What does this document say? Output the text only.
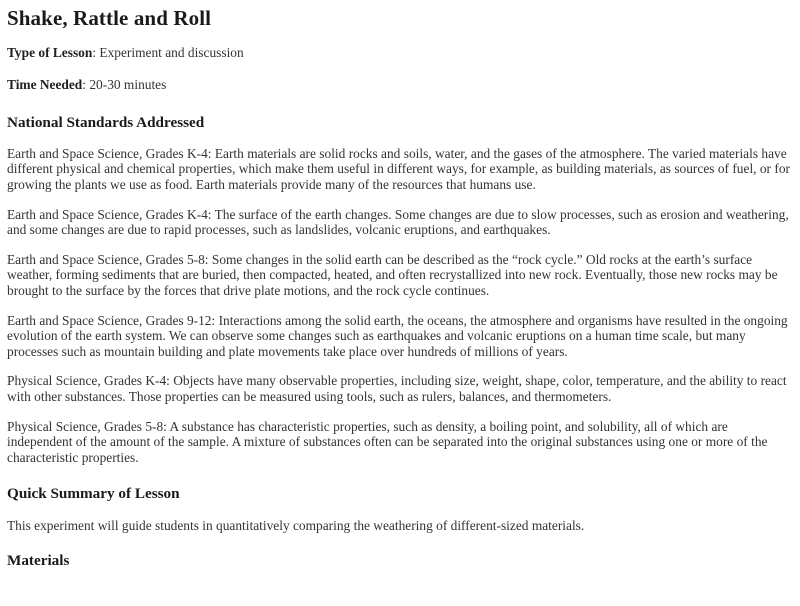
Shake, Rattle and Roll

Type of Lesson: Experiment and discussion

Time Needed: 20-30 minutes

National Standards Addressed

Earth and Space Science, Grades K-4: Earth materials are solid rocks and soils, water, and the gases of the atmosphere. The varied materials have different physical and chemical properties, which make them useful in different ways, for example, as building materials, as sources of fuel, or for growing the plants we use as food. Earth materials provide many of the resources that humans use.

Earth and Space Science, Grades K-4: The surface of the earth changes. Some changes are due to slow processes, such as erosion and weathering, and some changes are due to rapid processes, such as landslides, volcanic eruptions, and earthquakes.

Earth and Space Science, Grades 5-8: Some changes in the solid earth can be described as the “rock cycle.” Old rocks at the earth’s surface weather, forming sediments that are buried, then compacted, heated, and often recrystallized into new rock. Eventually, those new rocks may be brought to the surface by the forces that drive plate motions, and the rock cycle continues.

Earth and Space Science, Grades 9-12: Interactions among the solid earth, the oceans, the atmosphere and organisms have resulted in the ongoing evolution of the earth system. We can observe some changes such as earthquakes and volcanic eruptions on a human time scale, but many processes such as mountain building and plate movements take place over hundreds of millions of years.

Physical Science, Grades K-4: Objects have many observable properties, including size, weight, shape, color, temperature, and the ability to react with other substances. Those properties can be measured using tools, such as rulers, balances, and thermometers.

Physical Science, Grades 5-8: A substance has characteristic properties, such as density, a boiling point, and solubility, all of which are independent of the amount of the sample. A mixture of substances often can be separated into the original substances using one or more of the characteristic properties.

Quick Summary of Lesson

This experiment will guide students in quantitatively comparing the weathering of different-sized materials.

Materials
